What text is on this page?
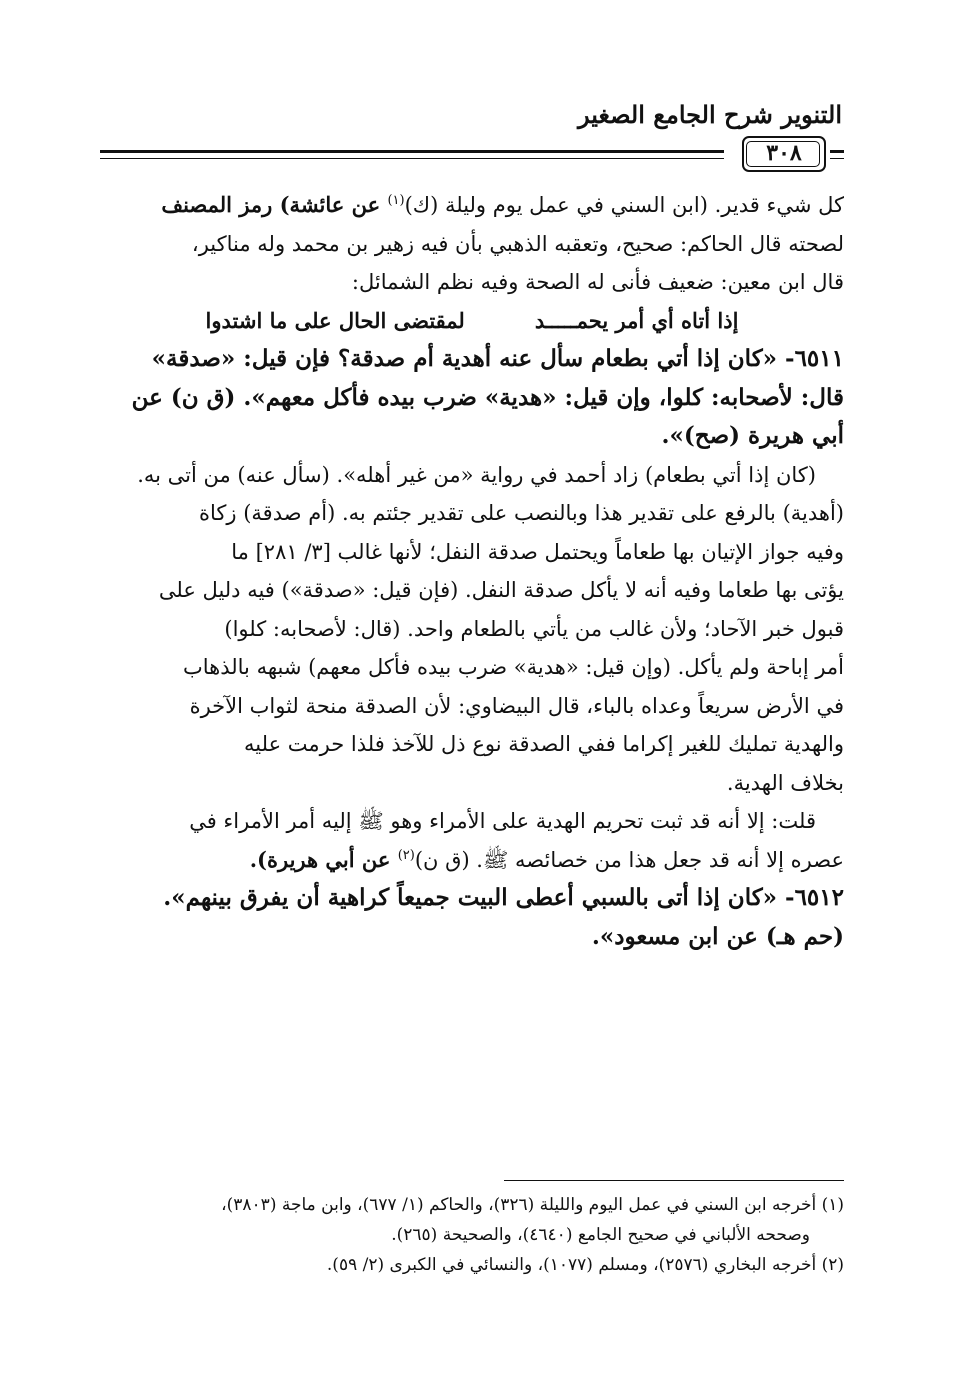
التنوير شرح الجامع الصغير
٣٠٨
كل شيء قدير. (ابن السني في عمل يوم وليلة (ك)$^{(١)}$ عن عائشة) رمز المصنف
لصحته قال الحاكم: صحيح، وتعقبه الذهبي بأن فيه زهير بن محمد وله مناكير،
قال ابن معين: ضعيف فأنى له الصحة وفيه نظم الشمائل:
إذا أتاه أي أمر يحمـــــد
لمقتضى الحال على ما اشتدوا
٦٥١١- «كان إذا أتي بطعام سأل عنه أهدية أم صدقة؟ فإن قيل: «صدقة»
قال: لأصحابه: كلوا، وإن قيل: «هدية» ضرب بيده فأكل معهم». (ق ن) عن
أبي هريرة (صح)».
(كان إذا أتي بطعام) زاد أحمد في رواية «من غير أهله». (سأل عنه) من أتى به.
(أهدية) بالرفع على تقدير هذا وبالنصب على تقدير جئتم به. (أم صدقة) زكاة
وفيه جواز الإتيان بها طعاماً ويحتمل صدقة النفل؛ لأنها غالب [٣/ ٢٨١] ما
يؤتى بها طعاما وفيه أنه لا يأكل صدقة النفل. (فإن قيل: «صدقة») فيه دليل على
قبول خبر الآحاد؛ ولأن غالب من يأتي بالطعام واحد. (قال: لأصحابه: كلوا)
أمر إباحة ولم يأكل. (وإن قيل: «هدية» ضرب بيده فأكل معهم) شبهه بالذهاب
في الأرض سريعاً وعداه بالباء، قال البيضاوي: لأن الصدقة منحة لثواب الآخرة
والهدية تمليك للغير إكراما ففي الصدقة نوع ذل للآخذ فلذا حرمت عليه
بخلاف الهدية.
قلت: إلا أنه قد ثبت تحريم الهدية على الأمراء وهو ﷺ إليه أمر الأمراء في
عصره إلا أنه قد جعل هذا من خصائصه ﷺ. (ق ن)$^{(٢)}$ عن أبي هريرة).
٦٥١٢- «كان إذا أتى بالسبي أعطى البيت جميعاً كراهية أن يفرق بينهم».
(حم هـ) عن ابن مسعود».
(١) أخرجه ابن السني في عمل اليوم والليلة (٣٢٦)، والحاكم (١/ ٦٧٧)، وابن ماجة (٣٨٠٣)،
وصححه الألباني في صحيح الجامع (٤٦٤٠)، والصحيحة (٢٦٥).
(٢) أخرجه البخاري (٢٥٧٦)، ومسلم (١٠٧٧)، والنسائي في الكبرى (٢/ ٥٩).
